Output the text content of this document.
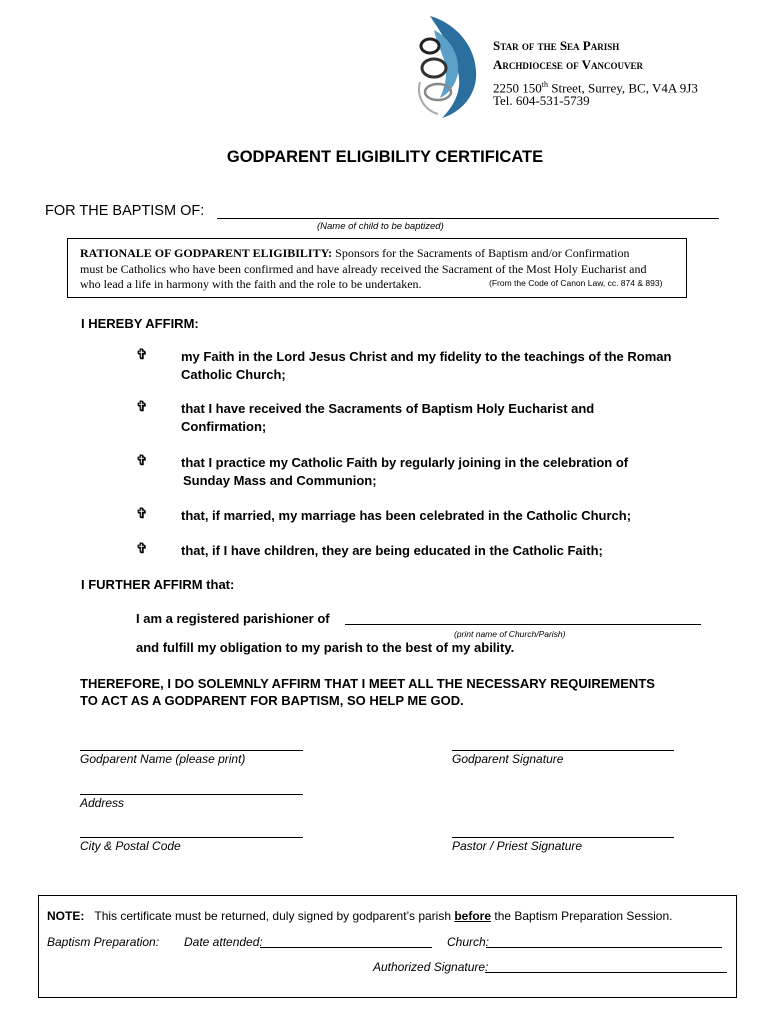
Star of the Sea Parish
Archdiocese of Vancouver
2250 150th Street, Surrey, BC, V4A 9J3
Tel. 604-531-5739
GODPARENT ELIGIBILITY CERTIFICATE
FOR THE BAPTISM OF:
(Name of child to be baptized)
RATIONALE OF GODPARENT ELIGIBILITY: Sponsors for the Sacraments of Baptism and/or Confirmation
must be Catholics who have been confirmed and have already received the Sacrament of the Most Holy Eucharist and
who lead a life in harmony with the faith and the role to be undertaken.	(From the Code of Canon Law, cc. 874 & 893)
I HEREBY AFFIRM:
✞	my Faith in the Lord Jesus Christ and my fidelity to the teachings of the Roman
Catholic Church;
✞	that I have received the Sacraments of Baptism Holy Eucharist and
Confirmation;
✞	that I practice my Catholic Faith by regularly joining in the celebration of
Sunday Mass and Communion;
✞	that, if married, my marriage has been celebrated in the Catholic Church;
✞	that, if I have children, they are being educated in the Catholic Faith;
I FURTHER AFFIRM that:
I am a registered parishioner of
(print name of Church/Parish)
and fulfill my obligation to my parish to the best of my ability.
THEREFORE, I DO SOLEMNLY AFFIRM THAT I MEET ALL THE NECESSARY REQUIREMENTS
TO ACT AS A GODPARENT FOR BAPTISM, SO HELP ME GOD.
Godparent Name (please print)	Godparent Signature
Address
City & Postal Code	Pastor / Priest Signature
NOTE: This certificate must be returned, duly signed by godparent’s parish before the Baptism Preparation Session.
Baptism Preparation: Date attended:	Church:
Authorized Signature:
